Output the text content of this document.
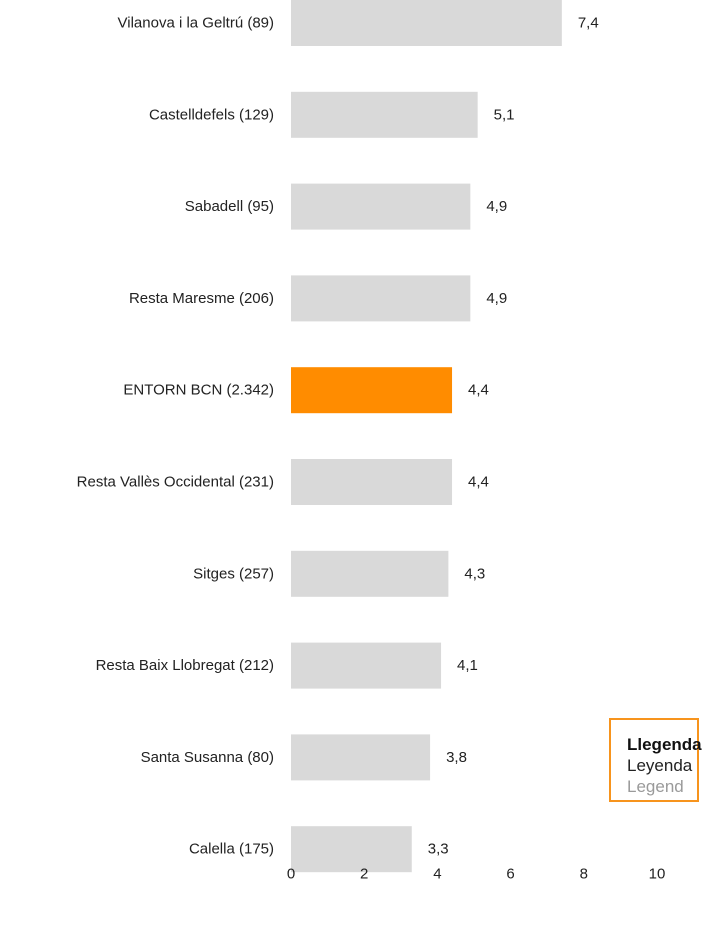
Vilanova i la Geltrú (89)	7,4
Castelldefels (129)	5,1
Sabadell (95)	4,9
Resta Maresme (206)	4,9
ENTORN BCN (2.342)	4,4
Resta Vallès Occidental (231)	4,4
Sitges (257)	4,3
Resta Baix Llobregat (212)	4,1
Santa Susanna (80)	3,8
Calella (175)	3,3
0	2	4	6	8	10
Llegenda
Leyenda
Legend
